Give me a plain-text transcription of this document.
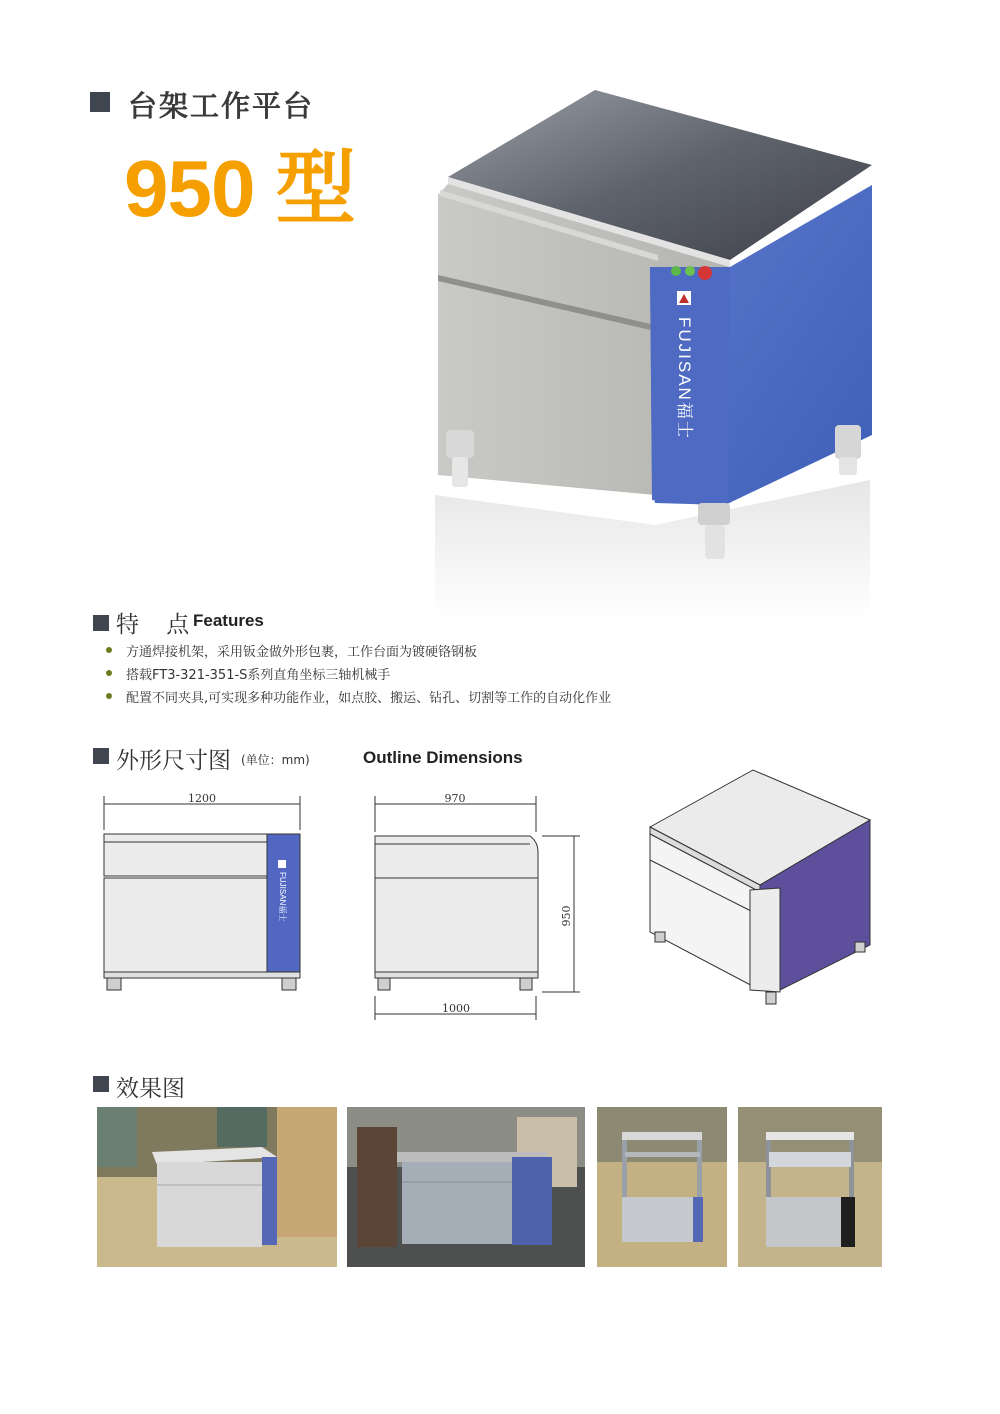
台架工作平台
950 型
FUJISAN福士
特 点
Features
方通焊接机架，采用钣金做外形包裹，工作台面为镀硬铬钢板
搭载FT3-321-351-S系列直角坐标三轴机械手
配置不同夹具,可实现多种功能作业，如点胶、搬运、钻孔、切割等工作的自动化作业
外形尺寸图 (单位：mm)	Outline Dimensions
1200
FUJISAN福士
970
950
1000
效果图
